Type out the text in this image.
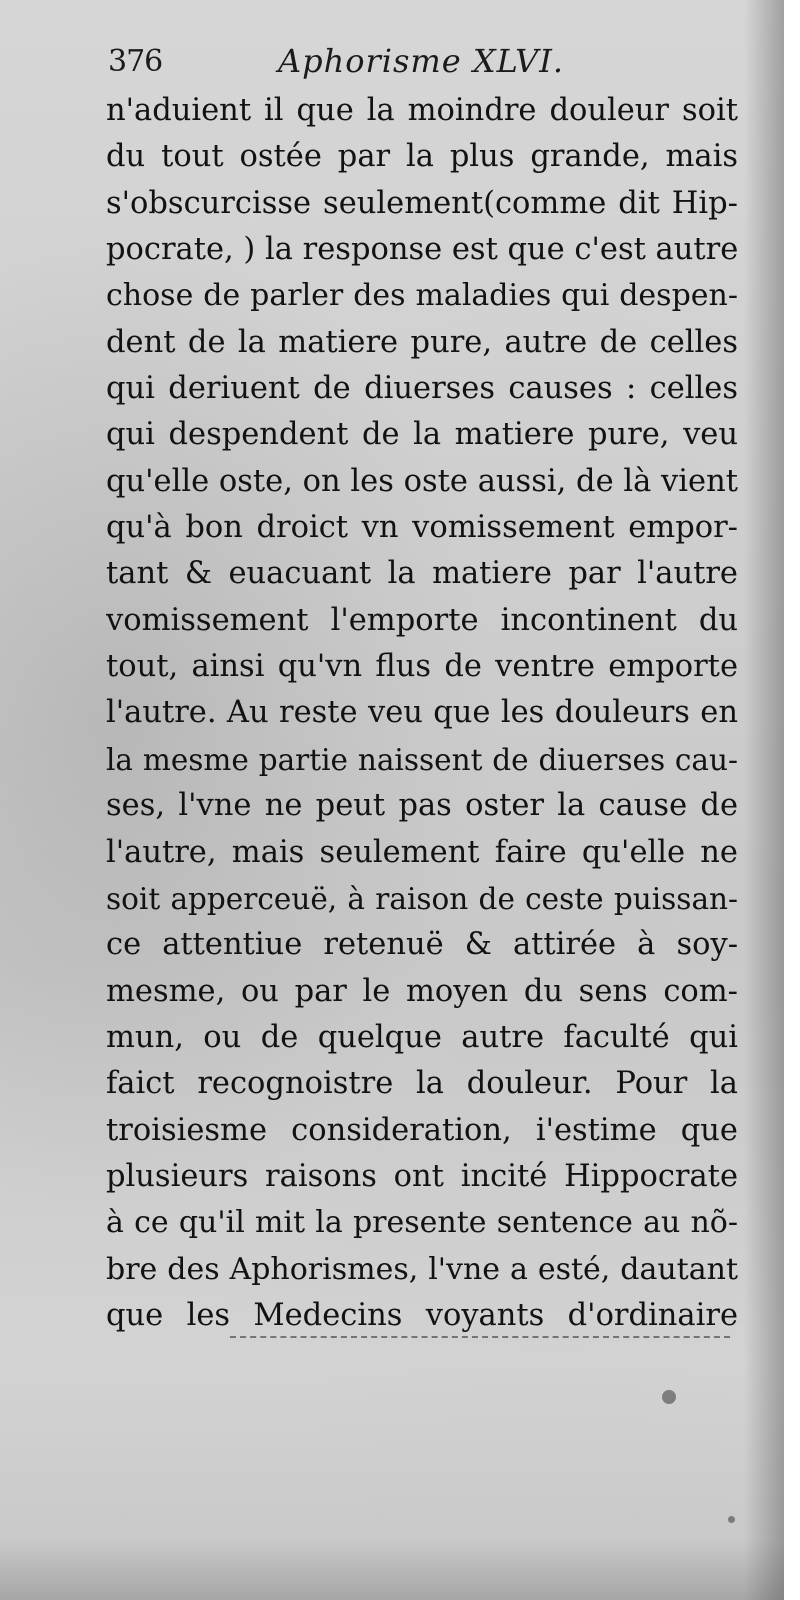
376	Aphorisme XLVI.
n'aduient il que la moindre douleur soit
du tout ostée par la plus grande, mais
s'obscurcisse seulement(comme dit Hip-
pocrate, ) la response est que c'est autre
chose de parler des maladies qui despen-
dent de la matiere pure, autre de celles
qui deriuent de diuerses causes : celles
qui despendent de la matiere pure, veu
qu'elle oste, on les oste aussi, de là vient
qu'à bon droict vn vomissement empor-
tant & euacuant la matiere par l'autre
vomissement l'emporte incontinent du
tout, ainsi qu'vn flus de ventre emporte
l'autre. Au reste veu que les douleurs en
la mesme partie naissent de diuerses cau-
ses, l'vne ne peut pas oster la cause de
l'autre, mais seulement faire qu'elle ne
soit apperceuë, à raison de ceste puissan-
ce attentiue retenuë & attirée à soy-
mesme, ou par le moyen du sens com-
mun, ou de quelque autre faculté qui
faict recognoistre la douleur. Pour la
troisiesme consideration, i'estime que
plusieurs raisons ont incité Hippocrate
à ce qu'il mit la presente sentence au nõ-
bre des Aphorismes, l'vne a esté, dautant
que les Medecins voyants d'ordinaire
